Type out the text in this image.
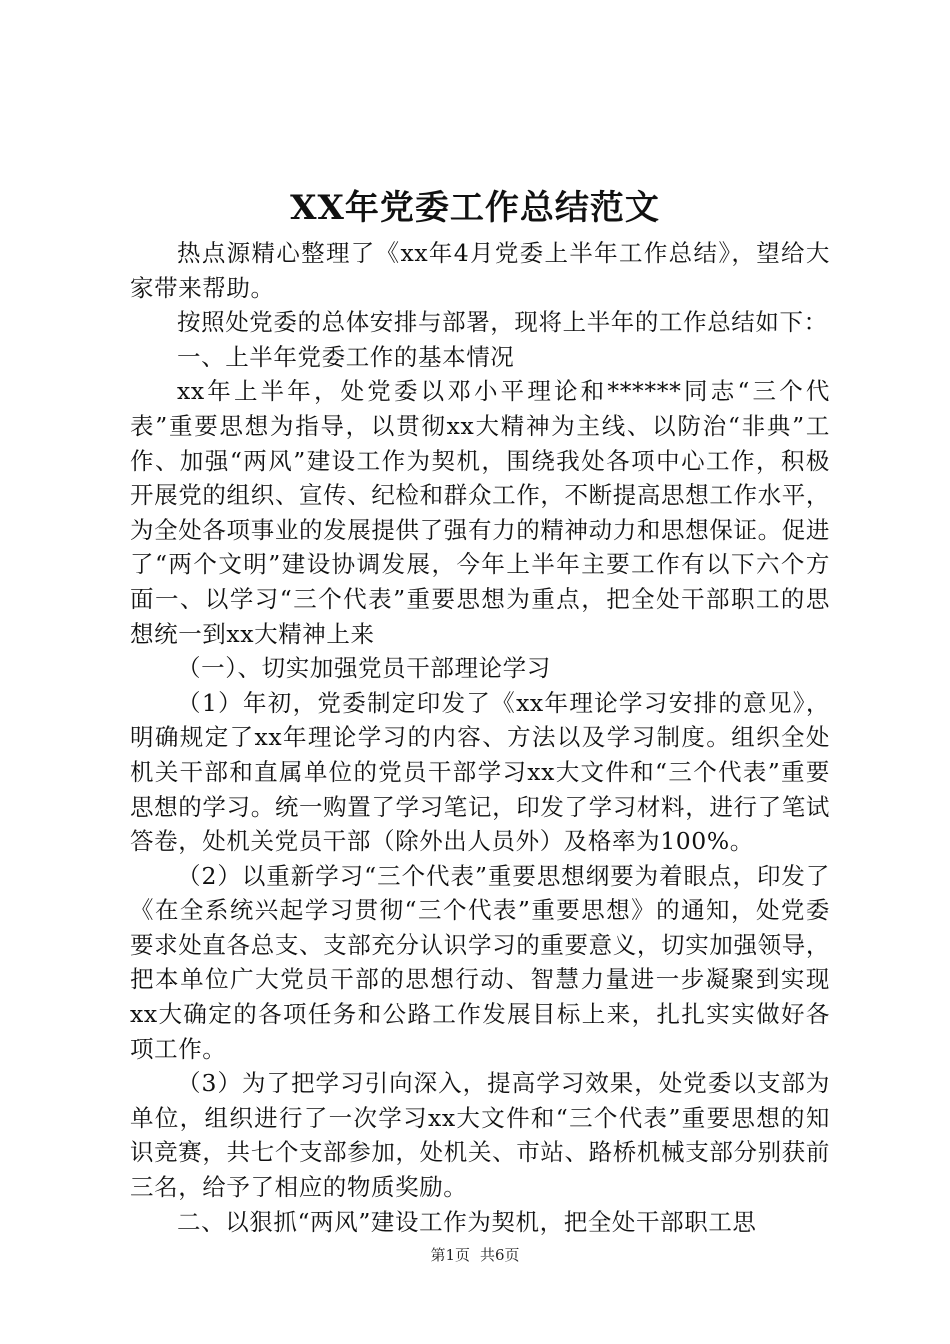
XX年党委工作总结范文

热点源精心整理了《xx年4月党委上半年工作总结》，望给大家带来帮助。

按照处党委的总体安排与部署，现将上半年的工作总结如下：

一、上半年党委工作的基本情况

xx年上半年，处党委以邓小平理论和******同志“三个代表”重要思想为指导，以贯彻xx大精神为主线、以防治“非典”工作、加强“两风”建设工作为契机，围绕我处各项中心工作，积极开展党的组织、宣传、纪检和群众工作，不断提高思想工作水平，为全处各项事业的发展提供了强有力的精神动力和思想保证。促进了“两个文明”建设协调发展，今年上半年主要工作有以下六个方面一、以学习“三个代表”重要思想为重点，把全处干部职工的思想统一到xx大精神上来

（一）、切实加强党员干部理论学习

（1）年初，党委制定印发了《xx年理论学习安排的意见》，明确规定了xx年理论学习的内容、方法以及学习制度。组织全处机关干部和直属单位的党员干部学习xx大文件和“三个代表”重要思想的学习。统一购置了学习笔记，印发了学习材料，进行了笔试答卷，处机关党员干部（除外出人员外）及格率为100%。

（2）以重新学习“三个代表”重要思想纲要为着眼点，印发了《在全系统兴起学习贯彻“三个代表”重要思想》的通知，处党委要求处直各总支、支部充分认识学习的重要意义，切实加强领导，把本单位广大党员干部的思想行动、智慧力量进一步凝聚到实现xx大确定的各项任务和公路工作发展目标上来，扎扎实实做好各项工作。

（3）为了把学习引向深入，提高学习效果，处党委以支部为单位，组织进行了一次学习xx大文件和“三个代表”重要思想的知识竞赛，共七个支部参加，处机关、市站、路桥机械支部分别获前三名，给予了相应的物质奖励。

二、以狠抓“两风”建设工作为契机，把全处干部职工思

第1页 共6页
